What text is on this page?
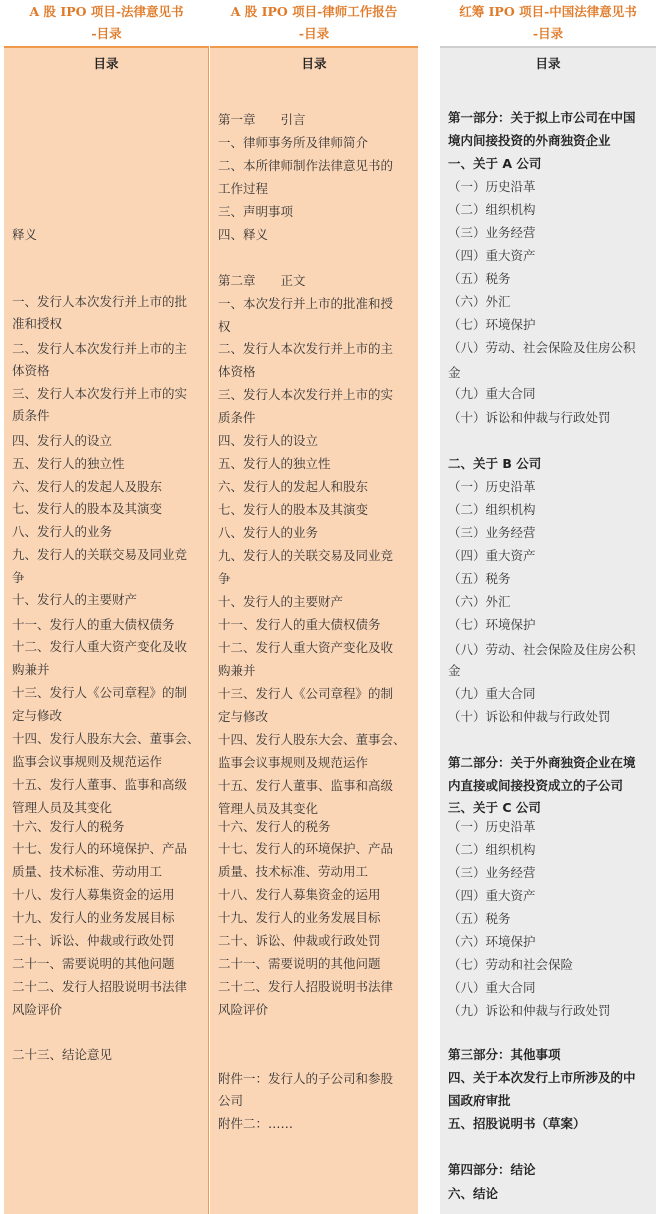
A 股 IPO 项目-法律意见书
-目录
目录
释义
一、发行人本次发行并上市的批
准和授权
二、发行人本次发行并上市的主
体资格
三、发行人本次发行并上市的实
质条件
四、发行人的设立
五、发行人的独立性
六、发行人的发起人及股东
七、发行人的股本及其演变
八、发行人的业务
九、发行人的关联交易及同业竞
争
十、发行人的主要财产
十一、发行人的重大债权债务
十二、发行人重大资产变化及收
购兼并
十三、发行人《公司章程》的制
定与修改
十四、发行人股东大会、董事会、
监事会议事规则及规范运作
十五、发行人董事、监事和高级
管理人员及其变化
十六、发行人的税务
十七、发行人的环境保护、产品
质量、技术标准、劳动用工
十八、发行人募集资金的运用
十九、发行人的业务发展目标
二十、诉讼、仲裁或行政处罚
二十一、需要说明的其他问题
二十二、发行人招股说明书法律
风险评价
二十三、结论意见
A 股 IPO 项目-律师工作报告
-目录
目录
第一章　　引言
一、律师事务所及律师简介
二、本所律师制作法律意见书的
工作过程
三、声明事项
四、释义
第二章　　正文
一、本次发行并上市的批准和授
权
二、发行人本次发行并上市的主
体资格
三、发行人本次发行并上市的实
质条件
四、发行人的设立
五、发行人的独立性
六、发行人的发起人和股东
七、发行人的股本及其演变
八、发行人的业务
九、发行人的关联交易及同业竞
争
十、发行人的主要财产
十一、发行人的重大债权债务
十二、发行人重大资产变化及收
购兼并
十三、发行人《公司章程》的制
定与修改
十四、发行人股东大会、董事会、
监事会议事规则及规范运作
十五、发行人董事、监事和高级
管理人员及其变化
十六、发行人的税务
十七、发行人的环境保护、产品
质量、技术标准、劳动用工
十八、发行人募集资金的运用
十九、发行人的业务发展目标
二十、诉讼、仲裁或行政处罚
二十一、需要说明的其他问题
二十二、发行人招股说明书法律
风险评价
附件一：发行人的子公司和参股
公司
附件二：……
红筹 IPO 项目-中国法律意见书
-目录
目录
第一部分：关于拟上市公司在中国
境内间接投资的外商独资企业
一、关于 A 公司
（一）历史沿革
（二）组织机构
（三）业务经营
（四）重大资产
（五）税务
（六）外汇
（七）环境保护
（八）劳动、社会保险及住房公积
金
（九）重大合同
（十）诉讼和仲裁与行政处罚
二、关于 B 公司
（一）历史沿革
（二）组织机构
（三）业务经营
（四）重大资产
（五）税务
（六）外汇
（七）环境保护
（八）劳动、社会保险及住房公积
金
（九）重大合同
（十）诉讼和仲裁与行政处罚
第二部分：关于外商独资企业在境
内直接或间接投资成立的子公司
三、关于 C 公司
（一）历史沿革
（二）组织机构
（三）业务经营
（四）重大资产
（五）税务
（六）环境保护
（七）劳动和社会保险
（八）重大合同
（九）诉讼和仲裁与行政处罚
第三部分：其他事项
四、关于本次发行上市所涉及的中
国政府审批
五、招股说明书（草案）
第四部分：结论
六、结论
